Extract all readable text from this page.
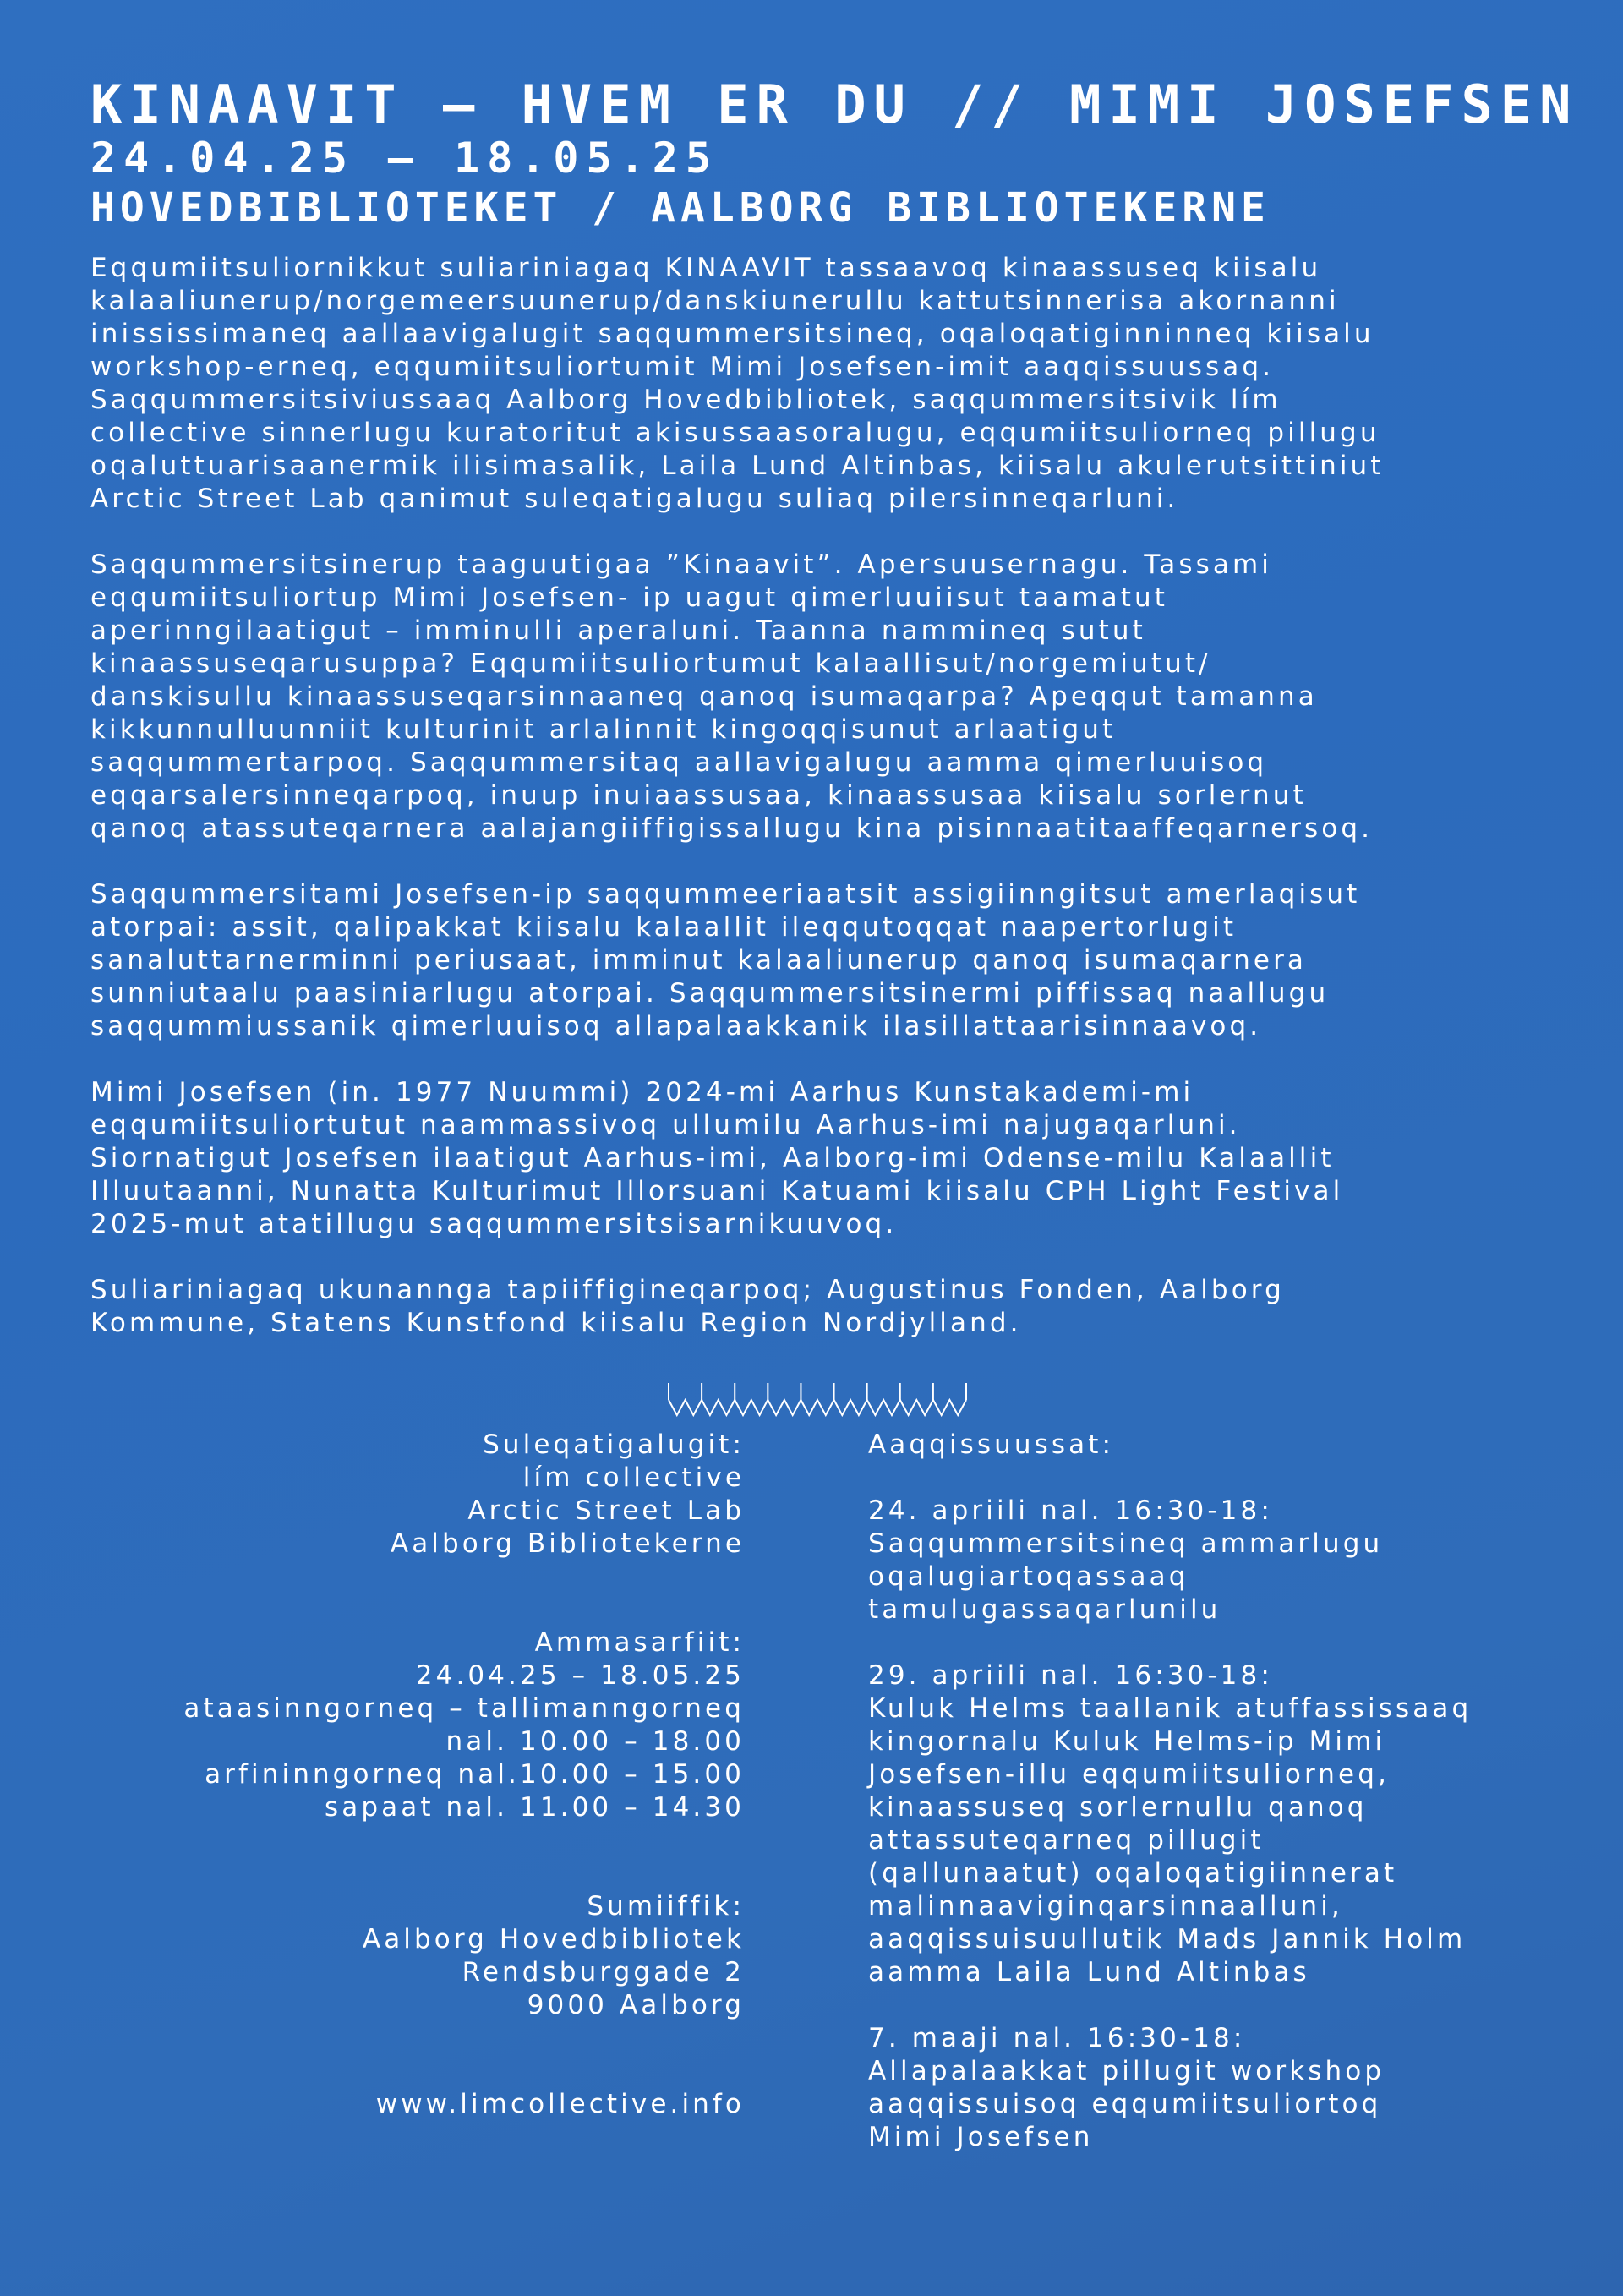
KINAAVIT – HVEM ER DU // MIMI JOSEFSEN
24.04.25 – 18.05.25
HOVEDBIBLIOTEKET / AALBORG BIBLIOTEKERNE

Eqqumiitsuliornikkut suliariniagaq KINAAVIT tassaavoq kinaassuseq kiisalu
kalaaliunerup/norgemeersuunerup/danskiunerullu kattutsinnerisa akornanni
inississimaneq aallaavigalugit saqqummersitsineq, oqaloqatiginninneq kiisalu
workshop-erneq, eqqumiitsuliortumit Mimi Josefsen-imit aaqqissuussaq.
Saqqummersitsiviussaaq Aalborg Hovedbibliotek, saqqummersitsivik lím
collective sinnerlugu kuratoritut akisussaasoralugu, eqqumiitsuliorneq pillugu
oqaluttuarisaanermik ilisimasalik, Laila Lund Altinbas, kiisalu akulerutsittiniut
Arctic Street Lab qanimut suleqatigalugu suliaq pilersinneqarluni.

Saqqummersitsinerup taaguutigaa ”Kinaavit”. Apersuusernagu. Tassami
eqqumiitsuliortup Mimi Josefsen- ip uagut qimerluuiisut taamatut
aperinngilaatigut – imminulli aperaluni. Taanna nammineq sutut
kinaassuseqarusuppa? Eqqumiitsuliortumut kalaallisut/norgemiutut/
danskisullu kinaassuseqarsinnaaneq qanoq isumaqarpa? Apeqqut tamanna
kikkunnulluunniit kulturinit arlalinnit kingoqqisunut arlaatigut
saqqummertarpoq. Saqqummersitaq aallavigalugu aamma qimerluuisoq
eqqarsalersinneqarpoq, inuup inuiaassusaa, kinaassusaa kiisalu sorlernut
qanoq atassuteqarnera aalajangiiffigissallugu kina pisinnaatitaaffeqarnersoq.

Saqqummersitami Josefsen-ip saqqummeeriaatsit assigiinngitsut amerlaqisut
atorpai: assit, qalipakkat kiisalu kalaallit ileqqutoqqat naapertorlugit
sanaluttarnerminni periusaat, imminut kalaaliunerup qanoq isumaqarnera
sunniutaalu paasiniarlugu atorpai. Saqqummersitsinermi piffissaq naallugu
saqqummiussanik qimerluuisoq allapalaakkanik ilasillattaarisinnaavoq.

Mimi Josefsen (in. 1977 Nuummi) 2024-mi Aarhus Kunstakademi-mi
eqqumiitsuliortutut naammassivoq ullumilu Aarhus-imi najugaqarluni.
Siornatigut Josefsen ilaatigut Aarhus-imi, Aalborg-imi Odense-milu Kalaallit
Illuutaanni, Nunatta Kulturimut Illorsuani Katuami kiisalu CPH Light Festival
2025-mut atatillugu saqqummersitsisarnikuuvoq.

Suliariniagaq ukunannga tapiiffigineqarpoq; Augustinus Fonden, Aalborg
Kommune, Statens Kunstfond kiisalu Region Nordjylland.

Suleqatigalugit:
lím collective
Arctic Street Lab
Aalborg Bibliotekerne
Ammasarfiit:
24.04.25 – 18.05.25
ataasinngorneq – tallimanngorneq
nal. 10.00 – 18.00
arfininngorneq nal.10.00 – 15.00
sapaat nal. 11.00 – 14.30
Sumiiffik:
Aalborg Hovedbibliotek
Rendsburggade 2
9000 Aalborg
www.limcollective.info
Aaqqissuussat:
24. apriili nal. 16:30-18:
Saqqummersitsineq ammarlugu
oqalugiartoqassaaq
tamulugassaqarlunilu
29. apriili nal. 16:30-18:
Kuluk Helms taallanik atuffassissaaq
kingornalu Kuluk Helms-ip Mimi
Josefsen-illu eqqumiitsuliorneq,
kinaassuseq sorlernullu qanoq
attassuteqarneq pillugit
(qallunaatut) oqaloqatigiinnerat
malinnaaviginqarsinnaalluni,
aaqqissuisuullutik Mads Jannik Holm
aamma Laila Lund Altinbas
7. maaji nal. 16:30-18:
Allapalaakkat pillugit workshop
aaqqissuisoq eqqumiitsuliortoq
Mimi Josefsen
